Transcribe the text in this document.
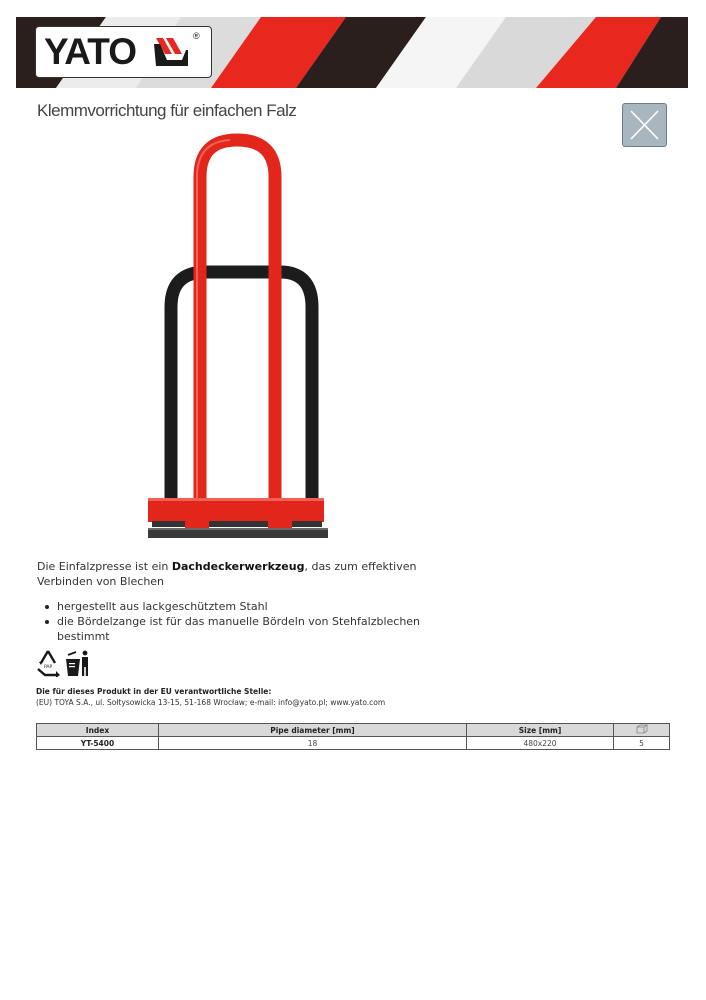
YATO	®
Klemmvorrichtung für einfachen Falz
Die Einfalzpresse ist ein Dachdeckerwerkzeug, das zum effektiven Verbinden von Blechen
hergestellt aus lackgeschütztem Stahl
die Bördelzange ist für das manuelle Bördeln von Stehfalzblechen bestimmt
PAP
Die für dieses Produkt in der EU verantwortliche Stelle:
(EU) TOYA S.A., ul. Sołtysowicka 13-15, 51-168 Wrocław; e-mail: info@yato.pl; www.yato.com
Index	Pipe diameter [mm]	Size [mm]	
YT-5400	18	480x220	5
